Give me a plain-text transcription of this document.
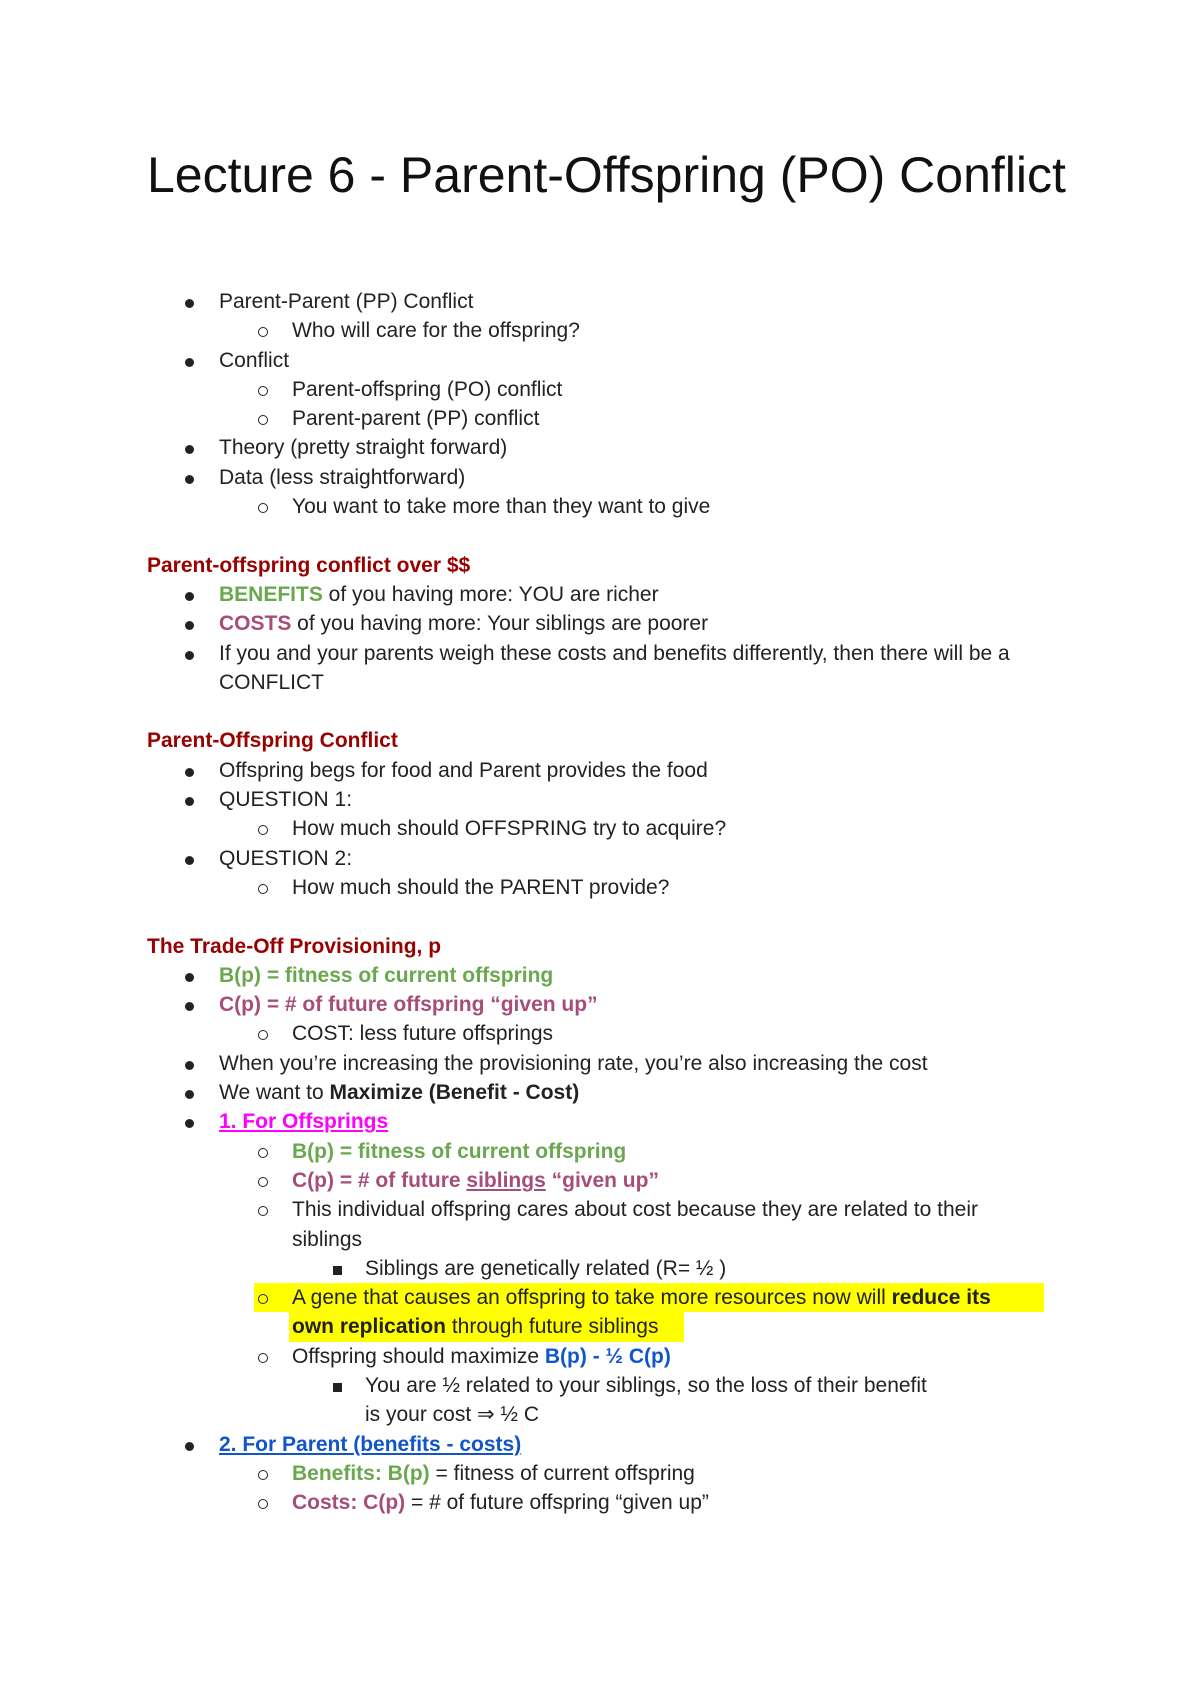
Lecture 6 - Parent-Offspring (PO) Conflict
Parent-Parent (PP) Conflict
Who will care for the offspring?
Conflict
Parent-offspring (PO) conflict
Parent-parent (PP) conflict
Theory (pretty straight forward)
Data (less straightforward)
You want to take more than they want to give
Parent-offspring conflict over $$
BENEFITS of you having more: YOU are richer
COSTS of you having more: Your siblings are poorer
If you and your parents weigh these costs and benefits differently, then there will be a
CONFLICT
Parent-Offspring Conflict
Offspring begs for food and Parent provides the food
QUESTION 1:
How much should OFFSPRING try to acquire?
QUESTION 2:
How much should the PARENT provide?
The Trade-Off Provisioning, p
B(p) = fitness of current offspring
C(p) = # of future offspring “given up”
COST: less future offsprings
When you’re increasing the provisioning rate, you’re also increasing the cost
We want to Maximize (Benefit - Cost)
1. For Offsprings
B(p) = fitness of current offspring
C(p) = # of future siblings “given up”
This individual offspring cares about cost because they are related to their
siblings
Siblings are genetically related (R= ½ )
A gene that causes an offspring to take more resources now will reduce its
own replication through future siblings
Offspring should maximize B(p) - ½ C(p)
You are ½ related to your siblings, so the loss of their benefit
is your cost ⇒ ½ C
2. For Parent (benefits - costs)
Benefits: B(p) = fitness of current offspring
Costs: C(p) = # of future offspring “given up”
